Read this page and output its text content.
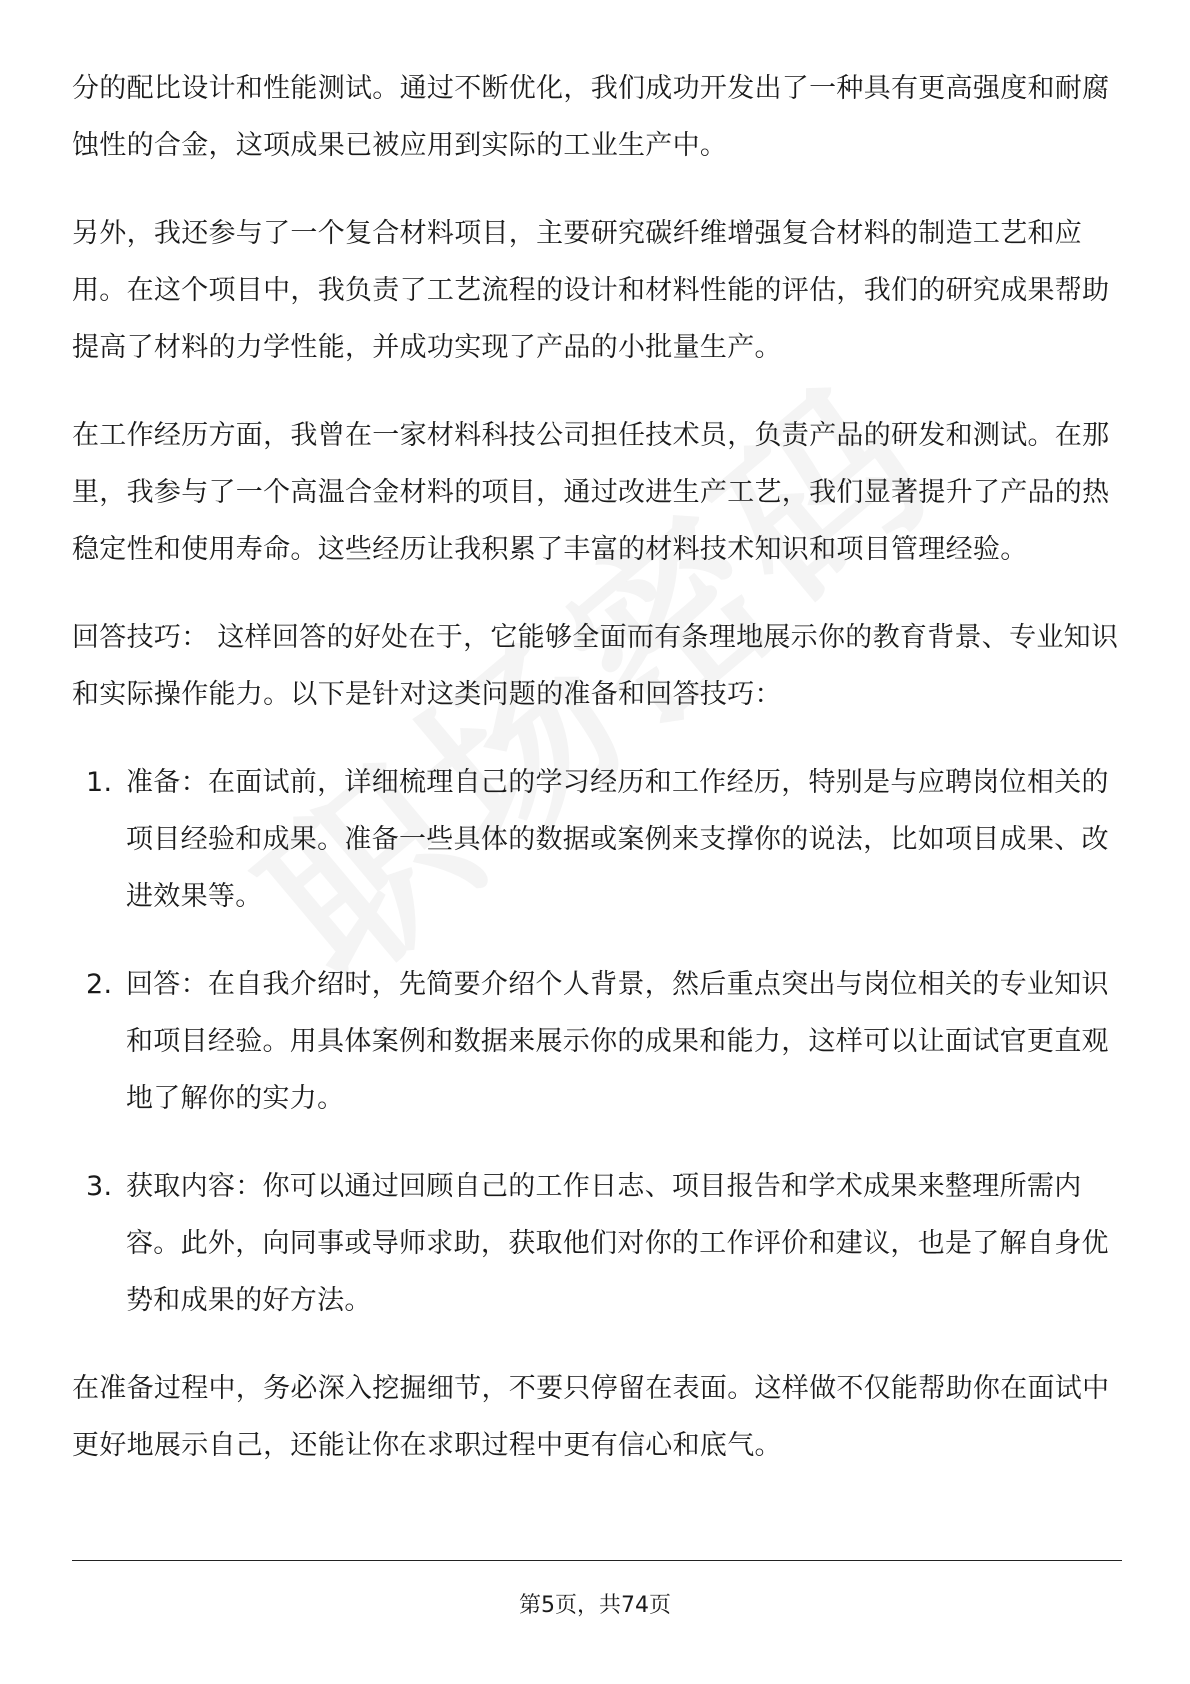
分的配比设计和性能测试。通过不断优化，我们成功开发出了一种具有更高强度和耐腐蚀性的合金，这项成果已被应用到实际的工业生产中。

另外，我还参与了一个复合材料项目，主要研究碳纤维增强复合材料的制造工艺和应用。在这个项目中，我负责了工艺流程的设计和材料性能的评估，我们的研究成果帮助提高了材料的力学性能，并成功实现了产品的小批量生产。

在工作经历方面，我曾在一家材料科技公司担任技术员，负责产品的研发和测试。在那里，我参与了一个高温合金材料的项目，通过改进生产工艺，我们显著提升了产品的热稳定性和使用寿命。这些经历让我积累了丰富的材料技术知识和项目管理经验。

回答技巧： 这样回答的好处在于，它能够全面而有条理地展示你的教育背景、专业知识和实际操作能力。以下是针对这类问题的准备和回答技巧：

1. 准备：在面试前，详细梳理自己的学习经历和工作经历，特别是与应聘岗位相关的项目经验和成果。准备一些具体的数据或案例来支撑你的说法，比如项目成果、改进效果等。
2. 回答：在自我介绍时，先简要介绍个人背景，然后重点突出与岗位相关的专业知识和项目经验。用具体案例和数据来展示你的成果和能力，这样可以让面试官更直观地了解你的实力。
3. 获取内容：你可以通过回顾自己的工作日志、项目报告和学术成果来整理所需内容。此外，向同事或导师求助，获取他们对你的工作评价和建议，也是了解自身优势和成果的好方法。

在准备过程中，务必深入挖掘细节，不要只停留在表面。这样做不仅能帮助你在面试中更好地展示自己，还能让你在求职过程中更有信心和底气。

第5页，共74页
